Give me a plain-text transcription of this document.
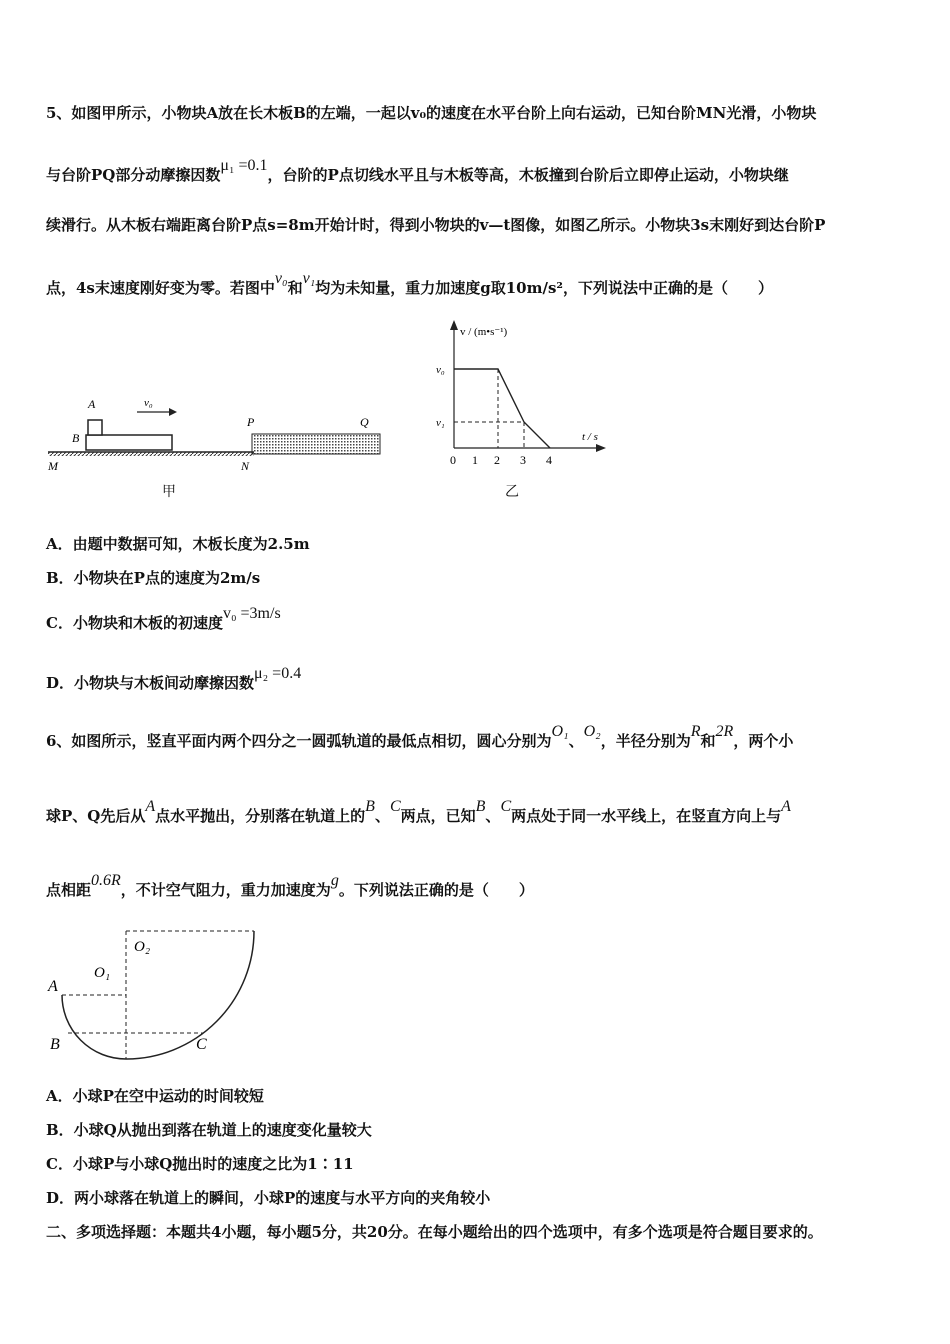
5、如图甲所示，小物块A放在长木板B的左端，一起以v₀的速度在水平台阶上向右运动，已知台阶MN光滑，小物块
与台阶PQ部分动摩擦因数μ₁ =0.1，台阶的P点切线水平且与木板等高，木板撞到台阶后立即停止运动，小物块继
续滑行。从木板右端距离台阶P点s=8m开始计时，得到小物块的v—t图像，如图乙所示。小物块3s末刚好到达台阶P
点，4s末速度刚好变为零。若图中v₀和v₁均为未知量，重力加速度g取10m/s²，下列说法中正确的是（　　）
A
B
v₀
P	Q
M	N
甲
v / (m•s⁻¹)
t / s
v₀
v₁
0 1 2 3 4
乙
A．由题中数据可知，木板长度为2.5m
B．小物块在P点的速度为2m/s
C．小物块和木板的初速度v₀ =3m/s
D．小物块与木板间动摩擦因数μ₂ =0.4
6、如图所示，竖直平面内两个四分之一圆弧轨道的最低点相切，圆心分别为O₁、O₂，半径分别为R和2R，两个小
球P、Q先后从A点水平抛出，分别落在轨道上的B、C两点，已知B、C两点处于同一水平线上，在竖直方向上与A
点相距0.6R，不计空气阻力，重力加速度为g。下列说法正确的是（　　）
O₂
O₁
A
B	C
A．小球P在空中运动的时间较短
B．小球Q从抛出到落在轨道上的速度变化量较大
C．小球P与小球Q抛出时的速度之比为1∶11
D．两小球落在轨道上的瞬间，小球P的速度与水平方向的夹角较小
二、多项选择题：本题共4小题，每小题5分，共20分。在每小题给出的四个选项中，有多个选项是符合题目要求的。
